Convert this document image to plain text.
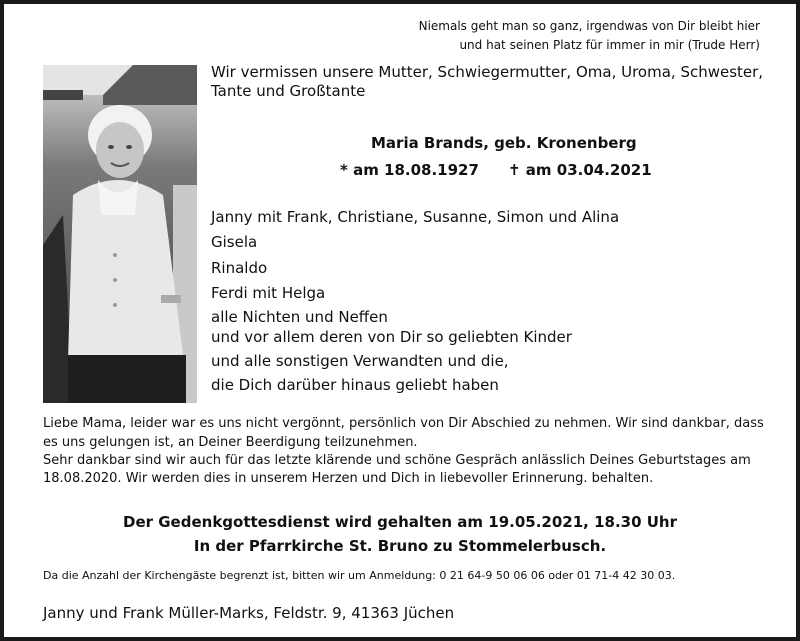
Niemals geht man so ganz, irgendwas von Dir bleibt hier
und hat seinen Platz für immer in mir (Trude Herr)
Wir vermissen unsere Mutter, Schwiegermutter, Oma, Uroma, Schwester,
Tante und Großtante
Maria Brands, geb. Kronenberg
* am 18.08.1927 ✝ am 03.04.2021
Janny mit Frank, Christiane, Susanne, Simon und Alina
Gisela
Rinaldo
Ferdi mit Helga
alle Nichten und Neffen
und vor allem deren von Dir so geliebten Kinder
und alle sonstigen Verwandten und die,
die Dich darüber hinaus geliebt haben
Liebe Mama, leider war es uns nicht vergönnt, persönlich von Dir Abschied zu nehmen. Wir sind dankbar, dass
es uns gelungen ist, an Deiner Beerdigung teilzunehmen.
Sehr dankbar sind wir auch für das letzte klärende und schöne Gespräch anlässlich Deines Geburtstages am
18.08.2020. Wir werden dies in unserem Herzen und Dich in liebevoller Erinnerung. behalten.
Der Gedenkgottesdienst wird gehalten am 19.05.2021, 18.30 Uhr
In der Pfarrkirche St. Bruno zu Stommelerbusch.
Da die Anzahl der Kirchengäste begrenzt ist, bitten wir um Anmeldung: 0 21 64-9 50 06 06 oder 01 71-4 42 30 03.
Janny und Frank Müller-Marks, Feldstr. 9, 41363 Jüchen
